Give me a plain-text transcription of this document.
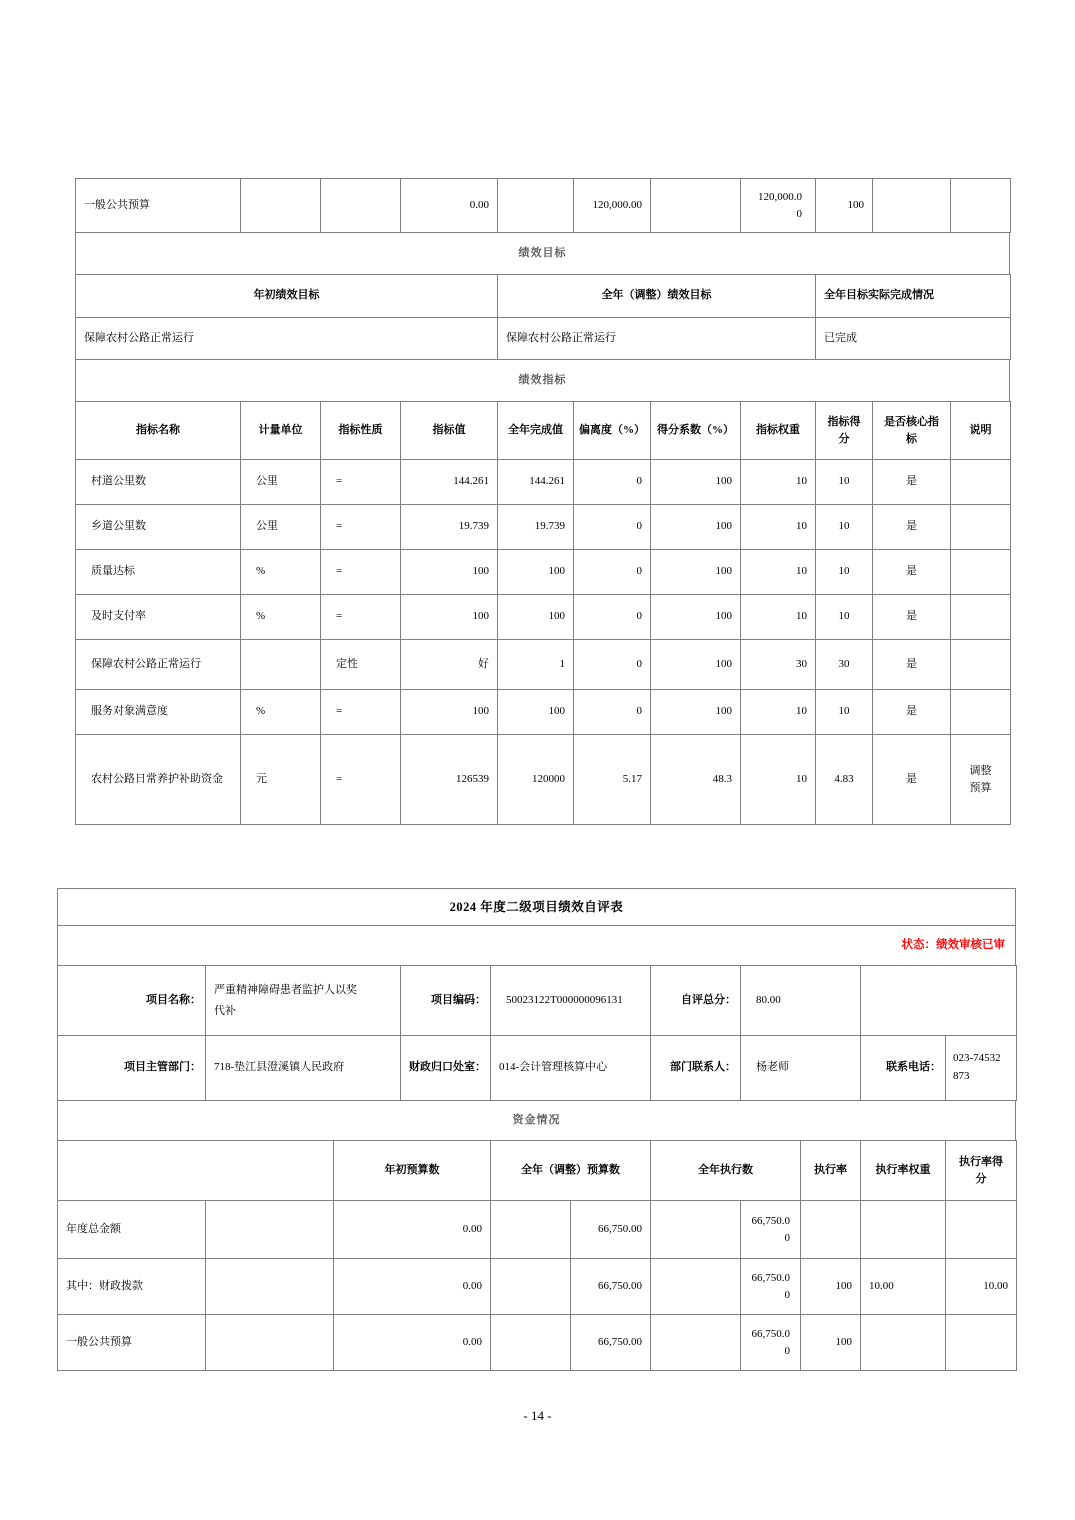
一般公共预算			0.00		120,000.00		120,000.00	100		
绩效目标
年初绩效目标	全年（调整）绩效目标	全年目标实际完成情况
保障农村公路正常运行	保障农村公路正常运行	已完成
绩效指标
指标名称	计量单位	指标性质	指标值	全年完成值	偏离度（%）	得分系数（%）	指标权重	指标得分	是否核心指标	说明
村道公里数	公里	=	144.261	144.261	0	100	10	10	是	
乡道公里数	公里	=	19.739	19.739	0	100	10	10	是	
质量达标	%	=	100	100	0	100	10	10	是	
及时支付率	%	=	100	100	0	100	10	10	是	
保障农村公路正常运行		定性	好	1	0	100	30	30	是	
服务对象满意度	%	=	100	100	0	100	10	10	是	
农村公路日常养护补助资金	元	=	126539	120000	5.17	48.3	10	4.83	是	调整预算
2024 年度二级项目绩效自评表
状态：绩效审核已审
项目名称：	严重精神障碍患者监护人以奖代补	项目编码：	50023122T000000096131	自评总分：	80.00		
项目主管部门：	718-垫江县澄溪镇人民政府	财政归口处室：	014-会计管理核算中心	部门联系人：	杨老师	联系电话：	023-74532873
资金情况
		年初预算数	全年（调整）预算数		全年执行数		执行率	执行率权重	执行率得分
年度总金额		0.00		66,750.00		66,750.00			
其中：财政拨款		0.00		66,750.00		66,750.00	100	10.00	10.00
一般公共预算		0.00		66,750.00		66,750.00	100		
- 14 -
